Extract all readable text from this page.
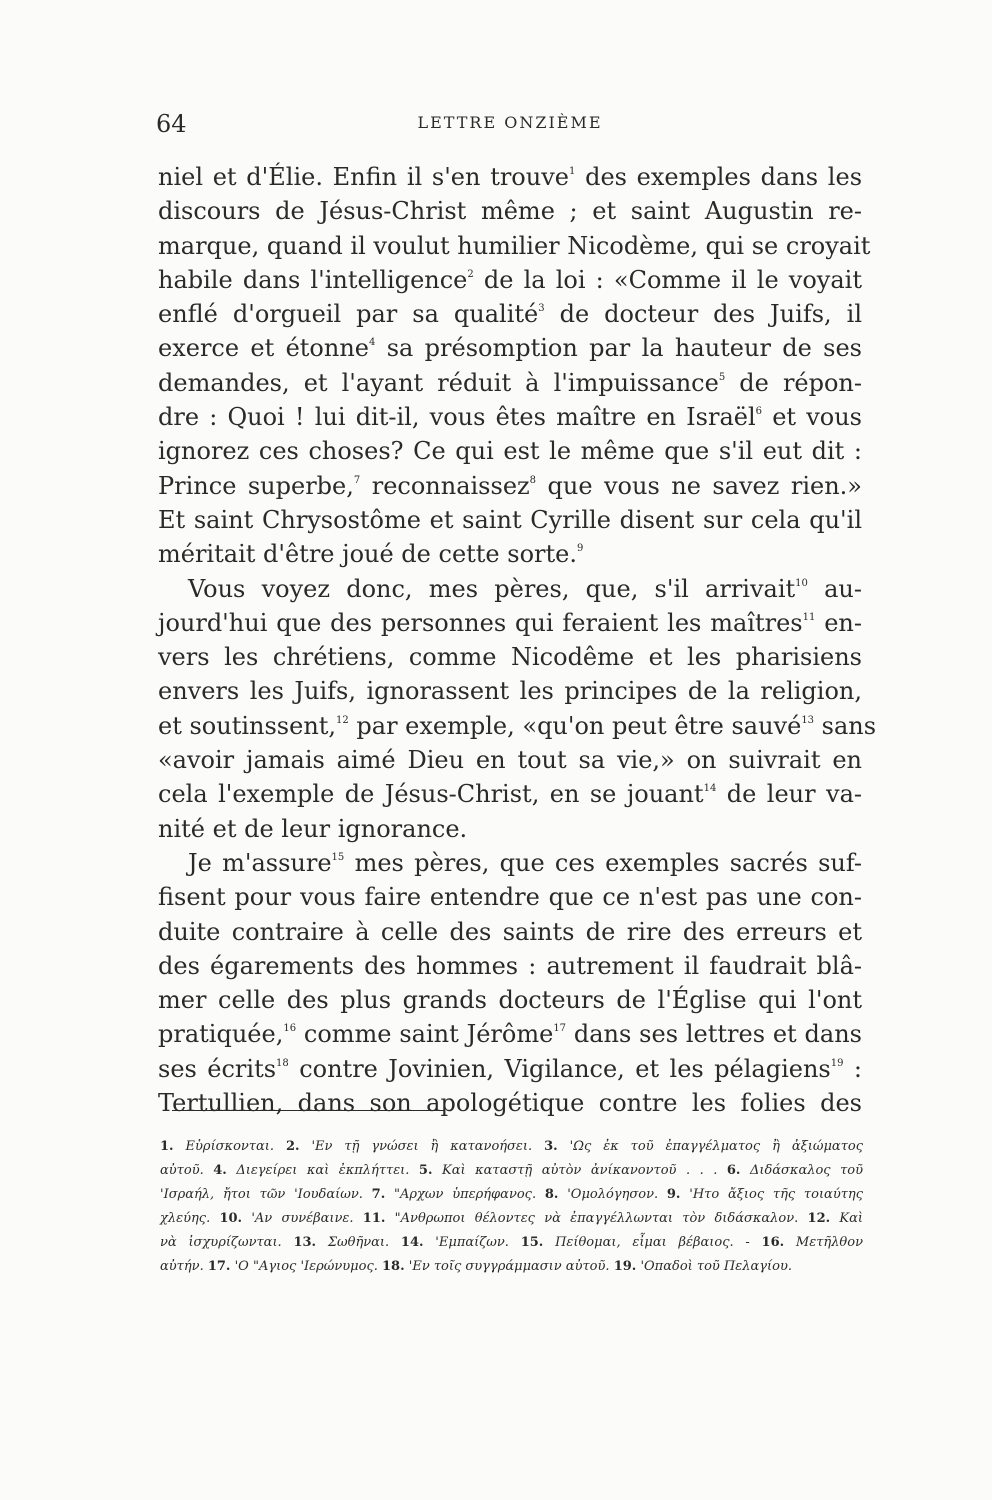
64	LETTRE ONZIÈME
niel et d'Élie. Enfin il s'en trouve$^1$ des exemples dans les
discours de Jésus-Christ même ; et saint Augustin re-
marque, quand il voulut humilier Nicodème, qui se croyait
habile dans l'intelligence$^2$ de la loi : «Comme il le voyait
enflé d'orgueil par sa qualité$^3$ de docteur des Juifs, il
exerce et étonne$^4$ sa présomption par la hauteur de ses
demandes, et l'ayant réduit à l'impuissance$^5$ de répon-
dre : Quoi ! lui dit-il, vous êtes maître en Israël$^6$ et vous
ignorez ces choses? Ce qui est le même que s'il eut dit :
Prince superbe,$^7$ reconnaissez$^8$ que vous ne savez rien.»
Et saint Chrysostôme et saint Cyrille disent sur cela qu'il
méritait d'être joué de cette sorte.$^9$
Vous voyez donc, mes pères, que, s'il arrivait$^{10}$ au-
jourd'hui que des personnes qui feraient les maîtres$^{11}$ en-
vers les chrétiens, comme Nicodême et les pharisiens
envers les Juifs, ignorassent les principes de la religion,
et soutinssent,$^{12}$ par exemple, «qu'on peut être sauvé$^{13}$ sans
«avoir jamais aimé Dieu en tout sa vie,» on suivrait en
cela l'exemple de Jésus-Christ, en se jouant$^{14}$ de leur va-
nité et de leur ignorance.
Je m'assure$^{15}$ mes pères, que ces exemples sacrés suf-
fisent pour vous faire entendre que ce n'est pas une con-
duite contraire à celle des saints de rire des erreurs et
des égarements des hommes : autrement il faudrait blâ-
mer celle des plus grands docteurs de l'Église qui l'ont
pratiquée,$^{16}$ comme saint Jérôme$^{17}$ dans ses lettres et dans
ses écrits$^{18}$ contre Jovinien, Vigilance, et les pélagiens$^{19}$ :
Tertullien, dans son apologétique contre les folies des
1. Εὑρίσκονται. 2. 'Εν τῇ γνώσει ἢ κατανοήσει. 3. 'Ως ἐκ τοῦ ἐπαγγέλματος ἢ ἀξιώματος
αὐτοῦ. 4. Διεγείρει καὶ ἐκπλήττει. 5. Καὶ καταστῇ αὐτὸν ἀνίκανοντοῦ . . . 6. Διδάσκαλος τοῦ
'Ισραήλ, ἤτοι τῶν 'Ιουδαίων. 7. "Αρχων ὑπερήφανος. 8. 'Ομολόγησον. 9. 'Ητο ἄξιος τῆς τοιαύτης
χλεύης. 10. 'Αν συνέβαινε. 11. "Ανθρωποι θέλοντες νὰ ἐπαγγέλλωνται τὸν διδάσκαλον. 12. Καὶ
νὰ ἰσχυρίζωνται. 13. Σωθῆναι. 14. 'Εμπαίζων. 15. Πείθομαι, εἶμαι βέβαιος. - 16. Μετῆλθον
αὐτήν. 17. 'Ο "Αγιος 'Ιερώνυμος. 18. 'Εν τοῖς συγγράμμασιν αὐτοῦ. 19. 'Οπαδοὶ τοῦ Πελαγίου.
